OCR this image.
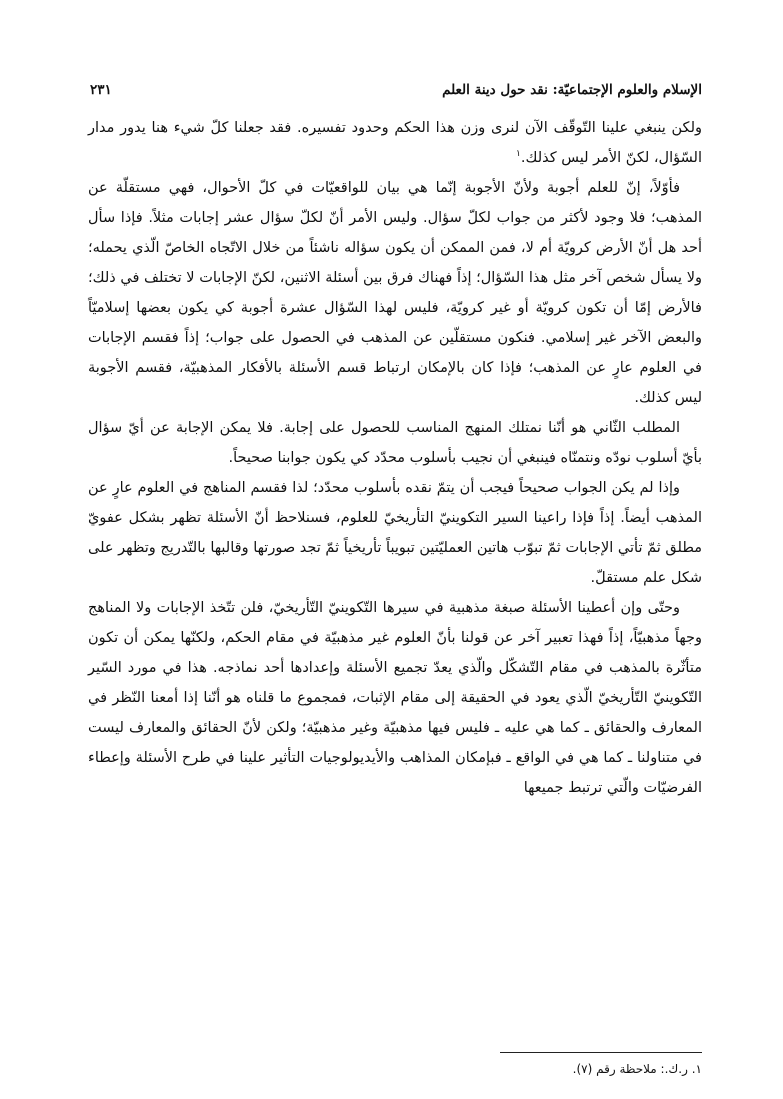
الإسلام والعلوم الإجتماعيّة: نقد حول دينة العلم
٢٣١

ولكن ينبغي علينا التّوقّف الآن لنرى وزن هذا الحكم وحدود تفسيره. فقد جعلنا كلّ شيء هنا يدور مدار السّؤال، لكنّ الأمر ليس كذلك.$^١$

فأوّلاً، إنّ للعلم أجوبة ولأنّ الأجوبة إنّما هي بيان للواقعيّات في كلّ الأحوال، فهي مستقلّة عن المذهب؛ فلا وجود لأكثر من جواب لكلّ سؤال. وليس الأمر أنّ لكلّ سؤال عشر إجابات مثلاً. فإذا سأل أحد هل أنّ الأرض كرويّة أم لا، فمن الممكن أن يكون سؤاله ناشئاً من خلال الاتّجاه الخاصّ الّذي يحمله؛ ولا يسأل شخص آخر مثل هذا السّؤال؛ إذاً فهناك فرق بين أسئلة الاثنين، لكنّ الإجابات لا تختلف في ذلك؛ فالأرض إمّا أن تكون كرويّة أو غير كرويّة، فليس لهذا السّؤال عشرة أجوبة كي يكون بعضها إسلاميّاً والبعض الآخر غير إسلامي. فنكون مستقلّين عن المذهب في الحصول على جواب؛ إذاً فقسم الإجابات في العلوم عارٍ عن المذهب؛ فإذا كان بالإمكان ارتباط قسم الأسئلة بالأفكار المذهبيّة، فقسم الأجوبة ليس كذلك.

المطلب الثّاني هو أنّنا نمتلك المنهج المناسب للحصول على إجابة. فلا يمكن الإجابة عن أيّ سؤال بأيّ أسلوب نودّه ونتمنّاه فينبغي أن نجيب بأسلوب محدّد كي يكون جوابنا صحيحاً.

وإذا لم يكن الجواب صحيحاً فيجب أن يتمّ نقده بأسلوب محدّد؛ لذا فقسم المناهج في العلوم عارٍ عن المذهب أيضاً. إذاً فإذا راعينا السير التكوينيّ التأريخيّ للعلوم، فسنلاحظ أنّ الأسئلة تظهر بشكل عفويّ مطلق ثمّ تأتي الإجابات ثمّ تبوّب هاتين العمليّتين تبويباً تأريخياً ثمّ تجد صورتها وقالبها بالتّدريج وتظهر على شكل علم مستقلّ.

وحتّى وإن أعطينا الأسئلة صبغة مذهبية في سيرها التّكوينيّ التّأريخيّ، فلن تتّخذ الإجابات ولا المناهج وجهاً مذهبيّاً، إذاً فهذا تعبير آخر عن قولنا بأنّ العلوم غير مذهبيّة في مقام الحكم، ولكنّها يمكن أن تكون متأثّرة بالمذهب في مقام التّشكّل والّذي يعدّ تجميع الأسئلة وإعدادها أحد نماذجه. هذا في مورد السّير التّكوينيّ التّأريخيّ الّذي يعود في الحقيقة إلى مقام الإثبات، فمجموع ما قلناه هو أنّنا إذا أمعنا النّظر في المعارف والحقائق ـ كما هي عليه ـ فليس فيها مذهبيّة وغير مذهبيّة؛ ولكن لأنّ الحقائق والمعارف ليست في متناولنا ـ كما هي في الواقع ـ فبإمكان المذاهب والأيديولوجيات التأثير علينا في طرح الأسئلة وإعطاء الفرضيّات والّتي ترتبط جميعها

١. ر.ك.: ملاحظة رقم (٧).
